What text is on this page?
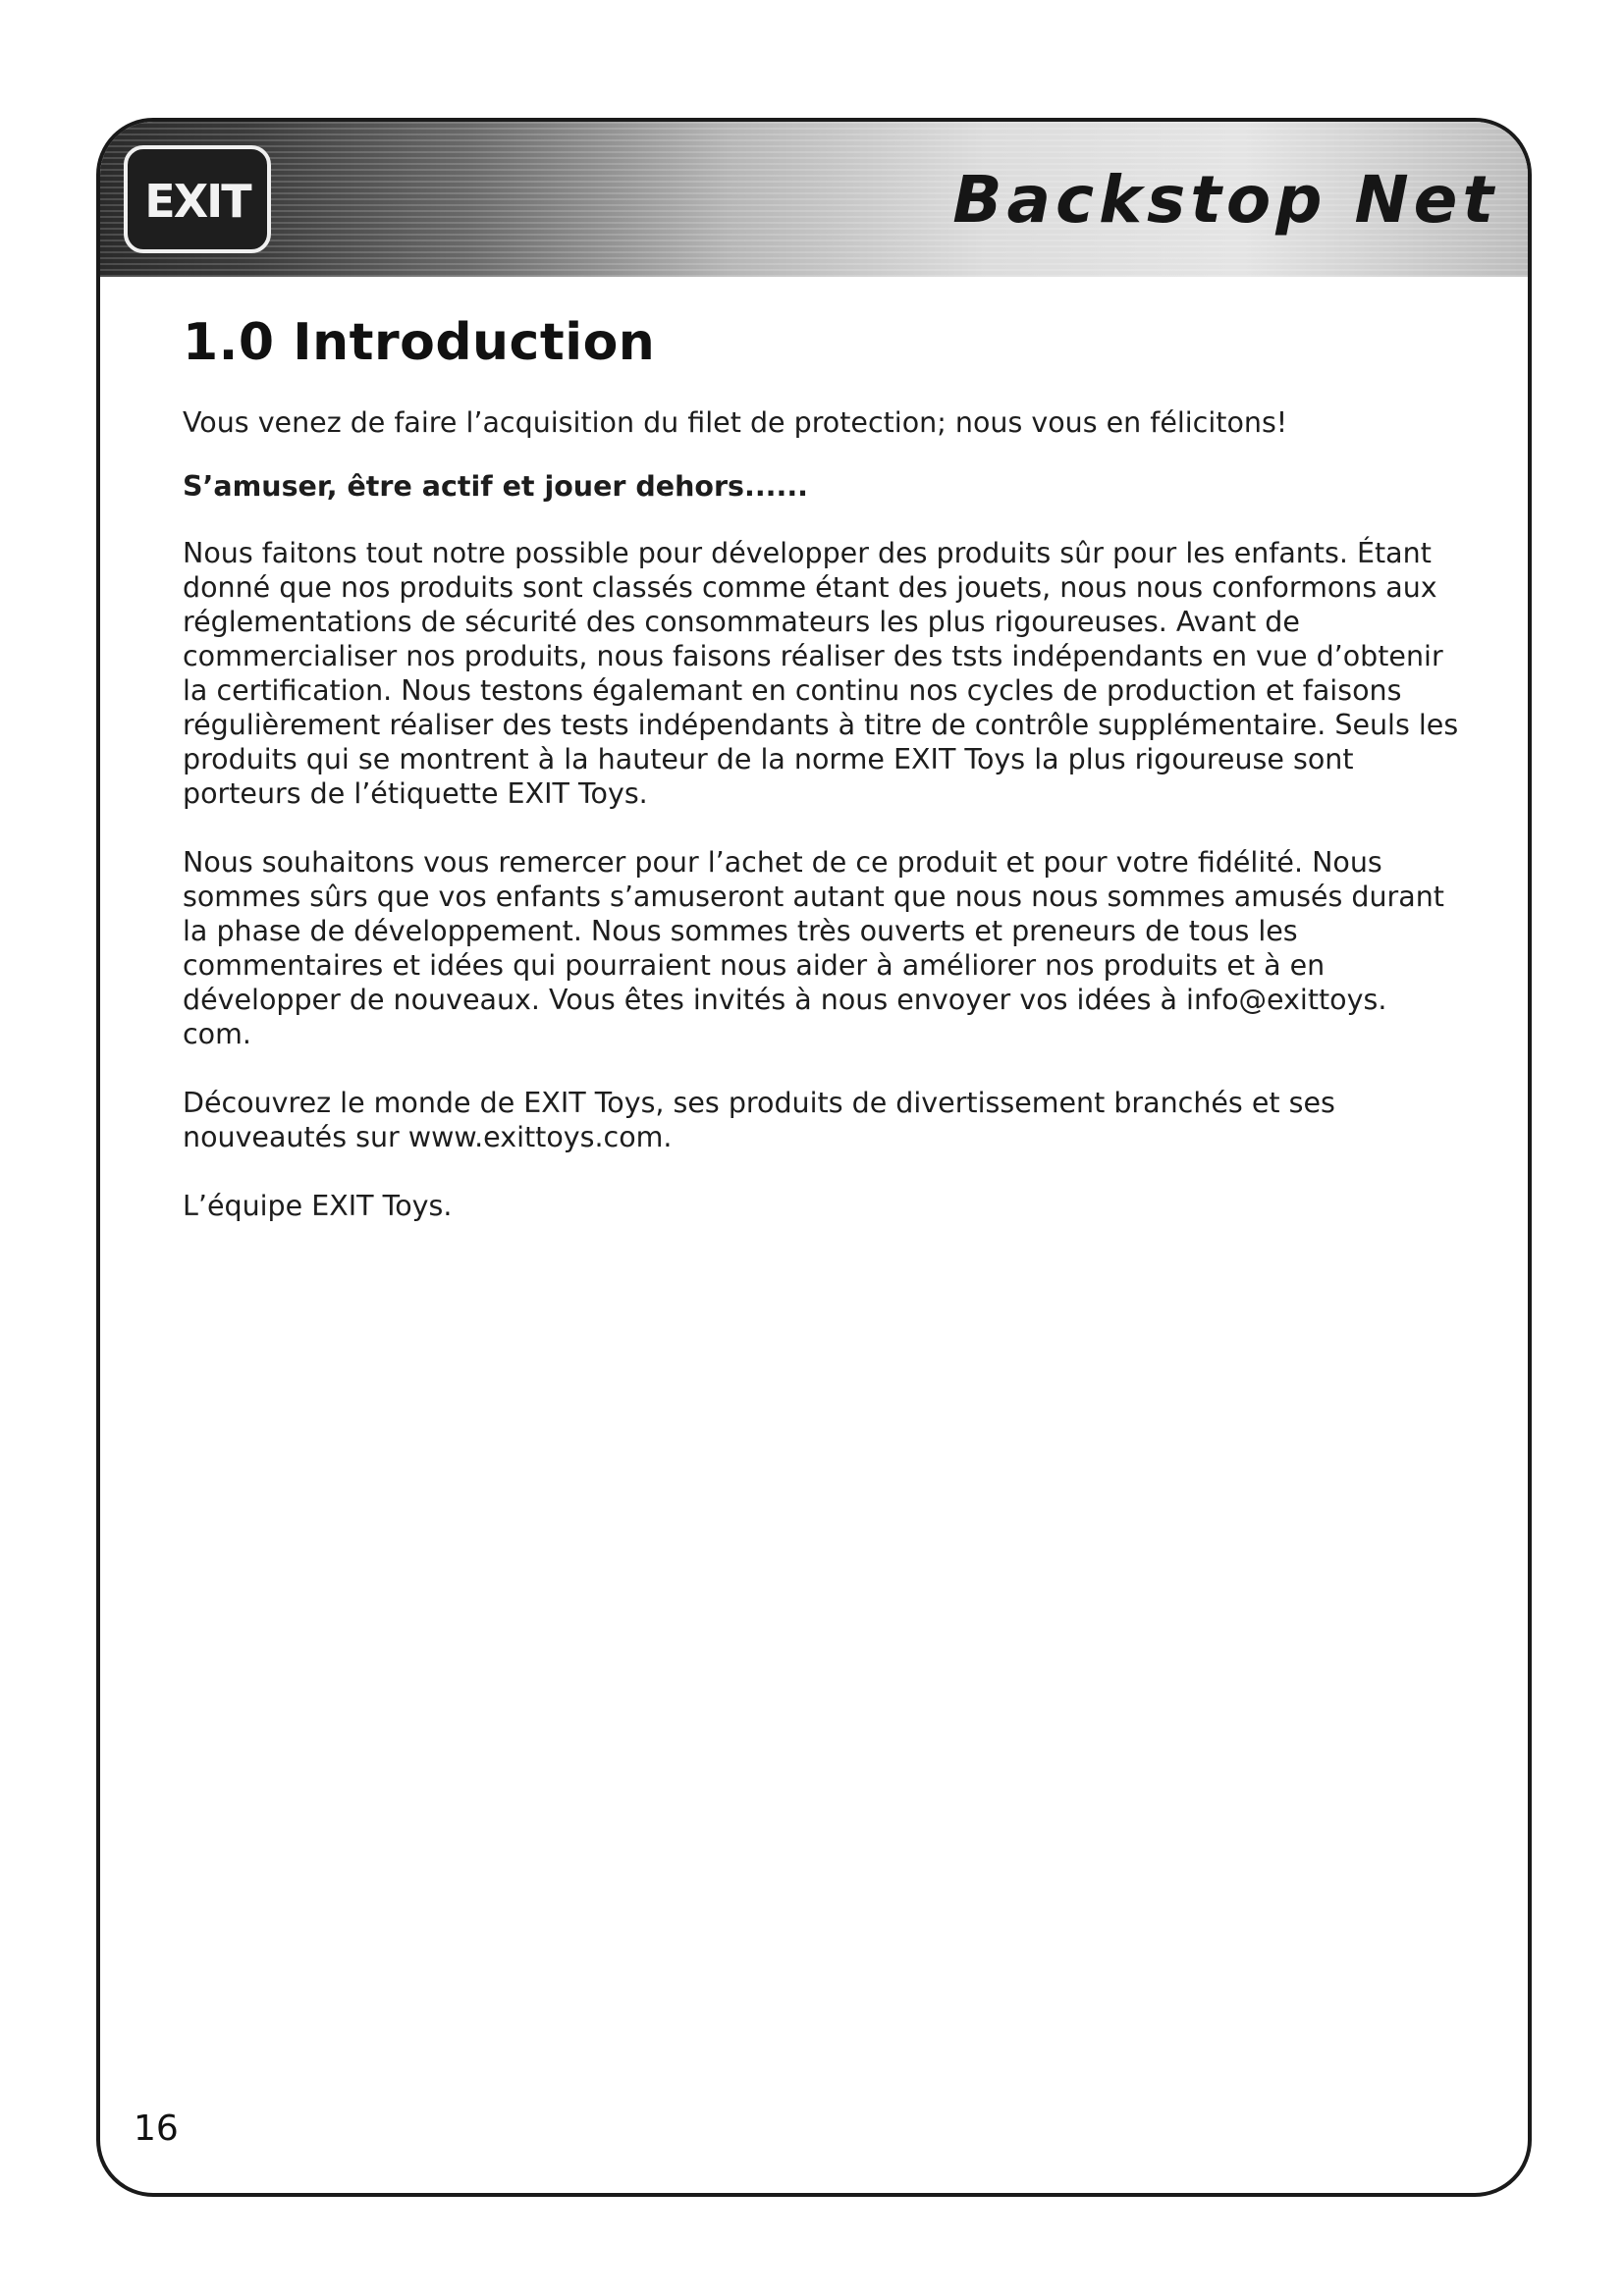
EXIT	Backstop Net
1.0 Introduction

Vous venez de faire l’acquisition du filet de protection; nous vous en félicitons!

S’amuser, être actif et jouer dehors......

Nous faitons tout notre possible pour développer des produits sûr pour les enfants. Étant donné que nos produits sont classés comme étant des jouets, nous nous conformons aux réglementations de sécurité des consommateurs les plus rigoureuses. Avant de commercialiser nos produits, nous faisons réaliser des tsts indépendants en vue d’obtenir la certification. Nous testons égalemant en continu nos cycles de production et faisons régulièrement réaliser des tests indépendants à titre de contrôle supplémentaire. Seuls les produits qui se montrent à la hauteur de la norme EXIT Toys la plus rigoureuse sont porteurs de l’étiquette EXIT Toys.

Nous souhaitons vous remercer pour l’achet de ce produit et pour votre fidélité. Nous sommes sûrs que vos enfants s’amuseront autant que nous nous sommes amusés durant la phase de développement. Nous sommes très ouverts et preneurs de tous les commentaires et idées qui pourraient nous aider à améliorer nos produits et à en développer de nouveaux. Vous êtes invités à nous envoyer vos idées à info@exittoys. com.

Découvrez le monde de EXIT Toys, ses produits de divertissement branchés et ses nouveautés sur www.exittoys.com.

L’équipe EXIT Toys.

16
